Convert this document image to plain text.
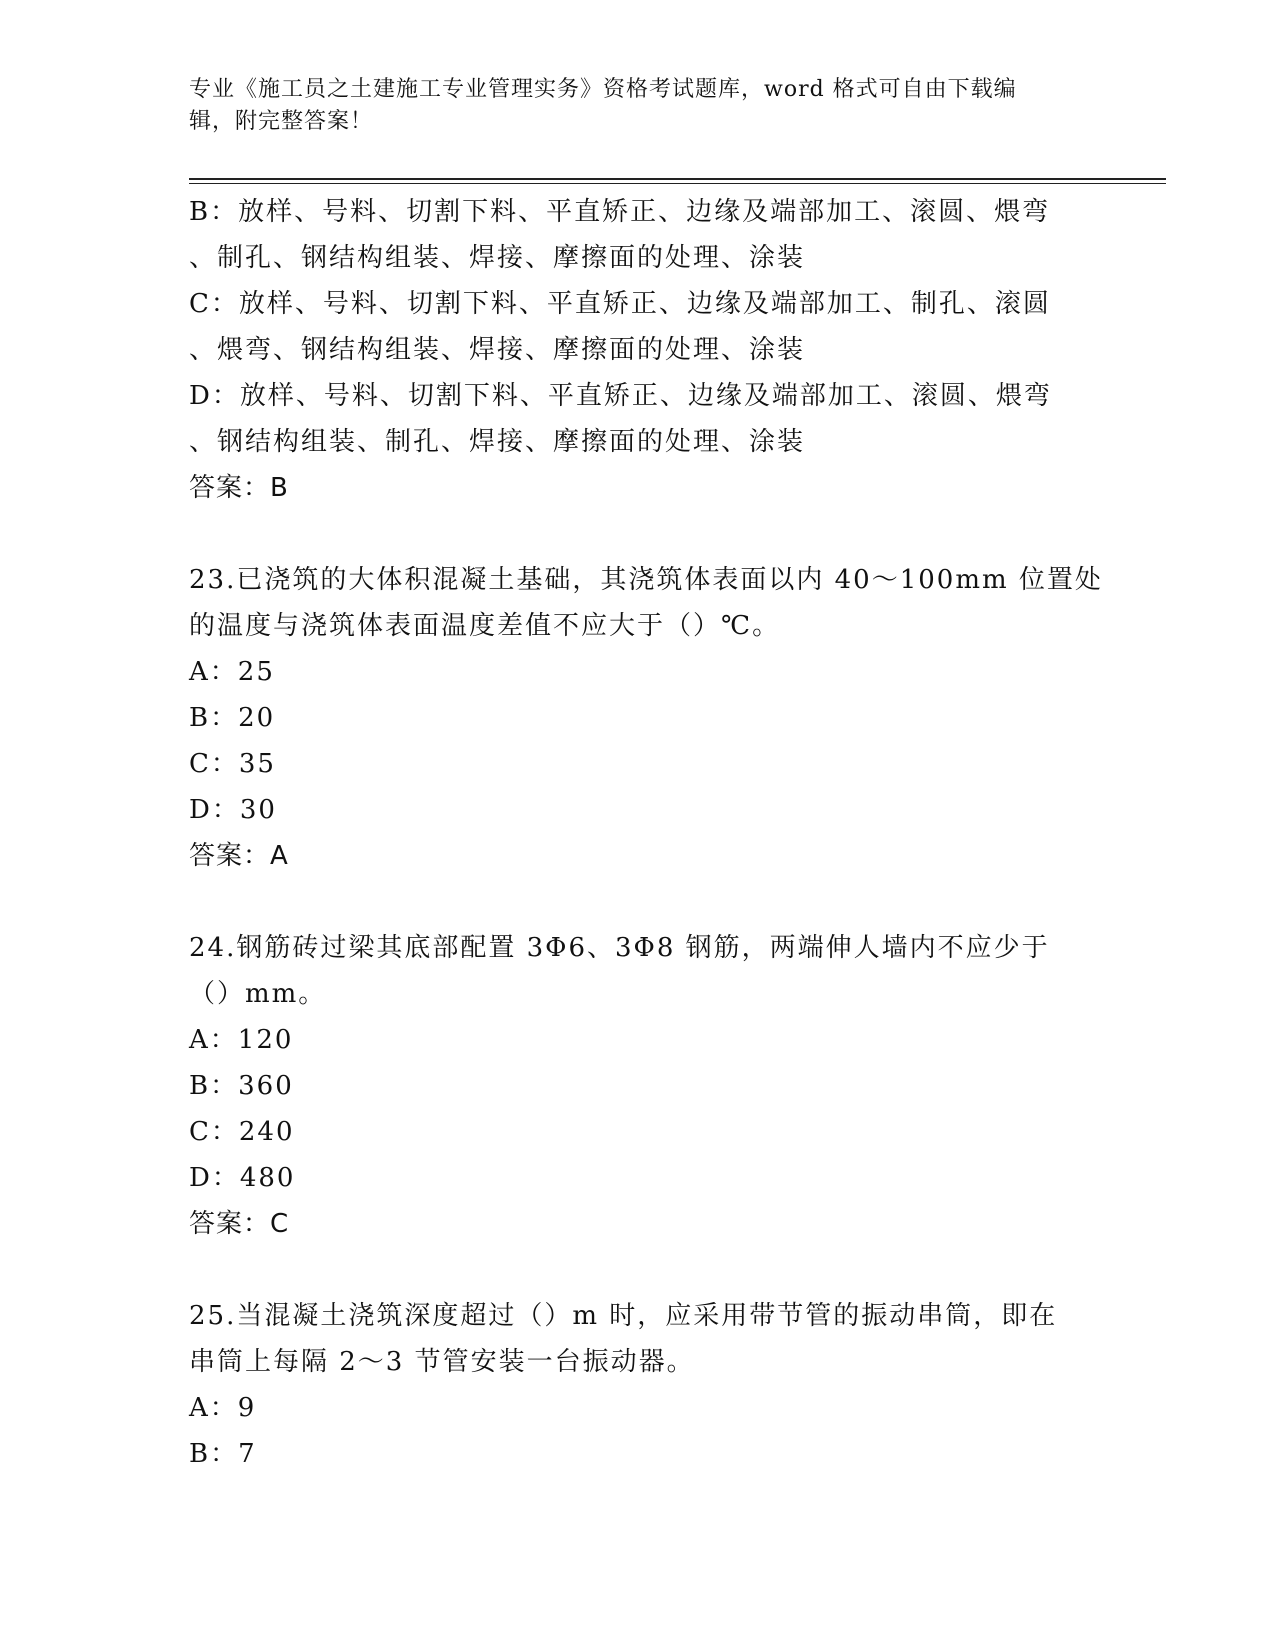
专业《施工员之土建施工专业管理实务》资格考试题库，word 格式可自由下载编
辑，附完整答案！
B：放样、号料、切割下料、平直矫正、边缘及端部加工、滚圆、煨弯
、制孔、钢结构组装、焊接、摩擦面的处理、涂装
C：放样、号料、切割下料、平直矫正、边缘及端部加工、制孔、滚圆
、煨弯、钢结构组装、焊接、摩擦面的处理、涂装
D：放样、号料、切割下料、平直矫正、边缘及端部加工、滚圆、煨弯
、钢结构组装、制孔、焊接、摩擦面的处理、涂装
答案：B
23.已浇筑的大体积混凝土基础，其浇筑体表面以内 40～100mm 位置处
的温度与浇筑体表面温度差值不应大于（）℃。
A：25
B：20
C：35
D：30
答案：A
24.钢筋砖过梁其底部配置 3Φ6、3Φ8 钢筋，两端伸人墙内不应少于
（）mm。
A：120
B：360
C：240
D：480
答案：C
25.当混凝土浇筑深度超过（）m 时，应采用带节管的振动串筒，即在
串筒上每隔 2～3 节管安装一台振动器。
A：9
B：7
